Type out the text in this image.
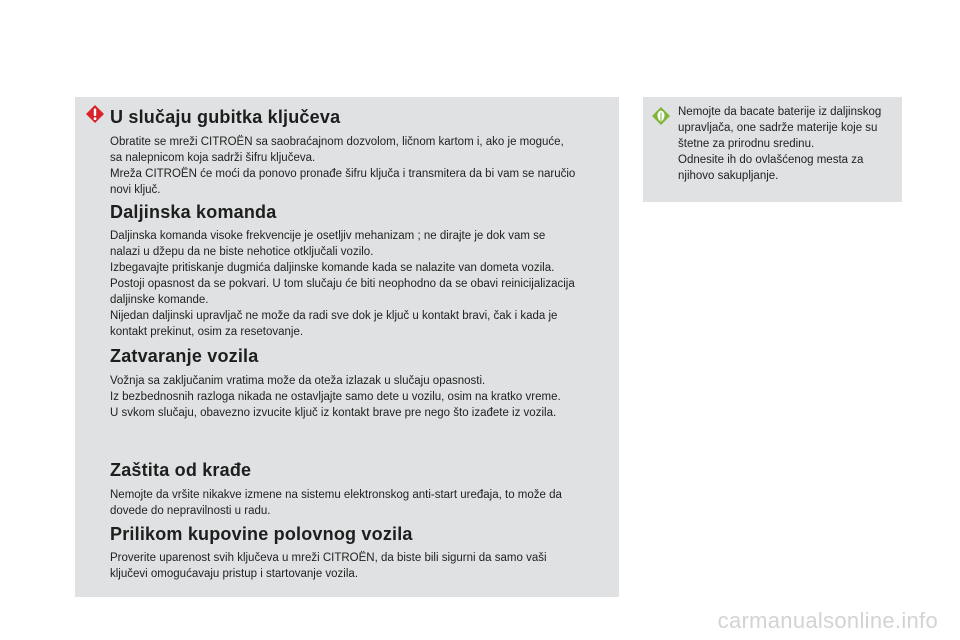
U slučaju gubitka ključeva
Obratite se mreži CITROËN sa saobraćajnom dozvolom, ličnom kartom i, ako je moguće,
sa nalepnicom koja sadrži šifru ključeva.
Mreža CITROËN će moći da ponovo pronađe šifru ključa i transmitera da bi vam se naručio
novi ključ.
Daljinska komanda
Daljinska komanda visoke frekvencije je osetljiv mehanizam ; ne dirajte je dok vam se
nalazi u džepu da ne biste nehotice otključali vozilo.
Izbegavajte pritiskanje dugmića daljinske komande kada se nalazite van dometa vozila.
Postoji opasnost da se pokvari. U tom slučaju će biti neophodno da se obavi reinicijalizacija
daljinske komande.
Nijedan daljinski upravljač ne može da radi sve dok je ključ u kontakt bravi, čak i kada je
kontakt prekinut, osim za resetovanje.
Zatvaranje vozila
Vožnja sa zaključanim vratima može da oteža izlazak u slučaju opasnosti.
Iz bezbednosnih razloga nikada ne ostavljajte samo dete u vozilu, osim na kratko vreme.
U svkom slučaju, obavezno izvucite ključ iz kontakt brave pre nego što izađete iz vozila.
Zaštita od krađe
Nemojte da vršite nikakve izmene na sistemu elektronskog anti-start uređaja, to može da
dovede do nepravilnosti u radu.
Prilikom kupovine polovnog vozila
Proverite uparenost svih ključeva u mreži CITROËN, da biste bili sigurni da samo vaši
ključevi omogućavaju pristup i startovanje vozila.
Nemojte da bacate baterije iz daljinskog
upravljača, one sadrže materije koje su
štetne za prirodnu sredinu.
Odnesite ih do ovlašćenog mesta za
njihovo sakupljanje.
carmanualsonline.info
